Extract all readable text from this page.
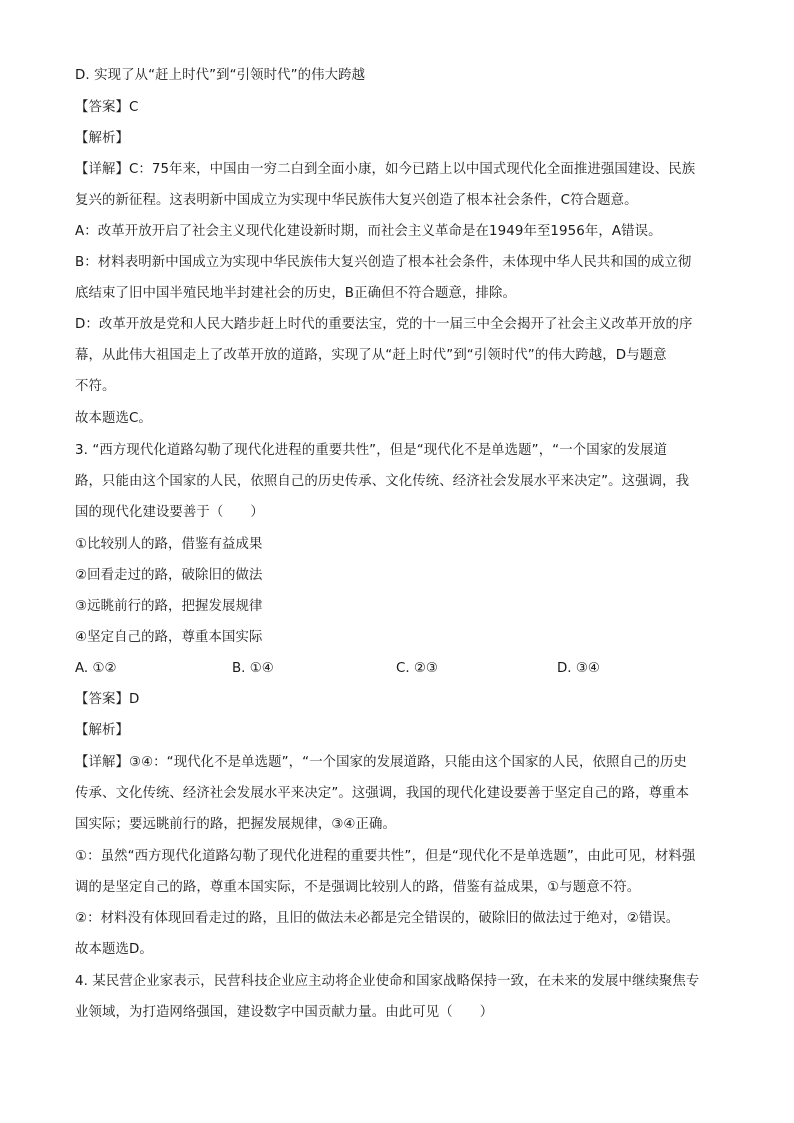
D. 实现了从“赶上时代”到“引领时代”的伟大跨越

【答案】C

【解析】

【详解】C：75年来，中国由一穷二白到全面小康，如今已踏上以中国式现代化全面推进强国建设、民族

复兴的新征程。这表明新中国成立为实现中华民族伟大复兴创造了根本社会条件，C符合题意。

A：改革开放开启了社会主义现代化建设新时期，而社会主义革命是在1949年至1956年，A错误。

B：材料表明新中国成立为实现中华民族伟大复兴创造了根本社会条件，未体现中华人民共和国的成立彻

底结束了旧中国半殖民地半封建社会的历史，B正确但不符合题意，排除。

D：改革开放是党和人民大踏步赶上时代的重要法宝，党的十一届三中全会揭开了社会主义改革开放的序

幕，从此伟大祖国走上了改革开放的道路，实现了从“赶上时代”到“引领时代”的伟大跨越，D与题意

不符。

故本题选C。

3. “西方现代化道路勾勒了现代化进程的重要共性”，但是“现代化不是单选题”，“一个国家的发展道

路，只能由这个国家的人民，依照自己的历史传承、文化传统、经济社会发展水平来决定”。这强调，我

国的现代化建设要善于（　　）

①比较别人的路，借鉴有益成果

②回看走过的路，破除旧的做法

③远眺前行的路，把握发展规律

④坚定自己的路，尊重本国实际

A. ①②	B. ①④	C. ②③	D. ③④

【答案】D

【解析】

【详解】③④：“现代化不是单选题”，“一个国家的发展道路，只能由这个国家的人民，依照自己的历史

传承、文化传统、经济社会发展水平来决定”。这强调，我国的现代化建设要善于坚定自己的路，尊重本

国实际；要远眺前行的路，把握发展规律，③④正确。

①：虽然“西方现代化道路勾勒了现代化进程的重要共性”，但是“现代化不是单选题”，由此可见，材料强

调的是坚定自己的路，尊重本国实际，不是强调比较别人的路，借鉴有益成果，①与题意不符。

②：材料没有体现回看走过的路，且旧的做法未必都是完全错误的，破除旧的做法过于绝对，②错误。

故本题选D。

4. 某民营企业家表示，民营科技企业应主动将企业使命和国家战略保持一致，在未来的发展中继续聚焦专

业领域，为打造网络强国，建设数字中国贡献力量。由此可见（　　）
